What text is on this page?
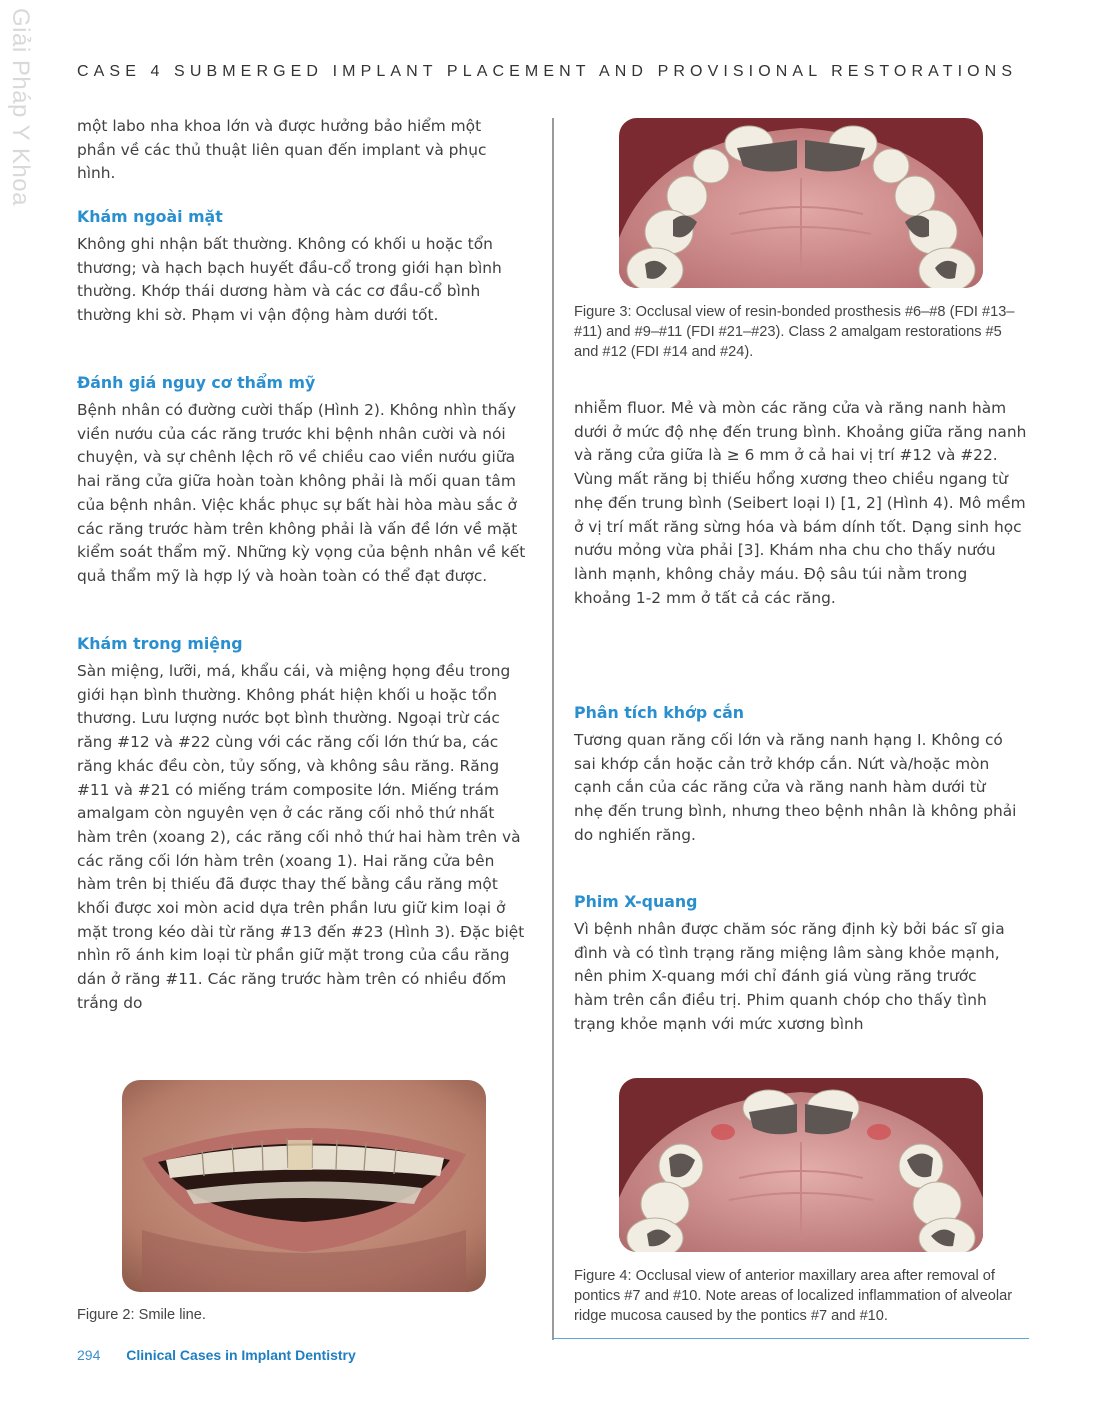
Giải Pháp Y Khoa	CASE 4 SUBMERGED IMPLANT PLACEMENT AND PROVISIONAL RESTORATIONS

một labo nha khoa lớn và được hưởng bảo hiểm một phần về các thủ thuật liên quan đến implant và phục hình.

Khám ngoài mặt

Không ghi nhận bất thường. Không có khối u hoặc tổn thương; và hạch bạch huyết đầu-cổ trong giới hạn bình thường. Khớp thái dương hàm và các cơ đầu-cổ bình thường khi sờ. Phạm vi vận động hàm dưới tốt.

Đánh giá nguy cơ thẩm mỹ

Bệnh nhân có đường cười thấp (Hình 2). Không nhìn thấy viền nướu của các răng trước khi bệnh nhân cười và nói chuyện, và sự chênh lệch rõ về chiều cao viền nướu giữa hai răng cửa giữa hoàn toàn không phải là mối quan tâm của bệnh nhân. Việc khắc phục sự bất hài hòa màu sắc ở các răng trước hàm trên không phải là vấn đề lớn về mặt kiểm soát thẩm mỹ. Những kỳ vọng của bệnh nhân về kết quả thẩm mỹ là hợp lý và hoàn toàn có thể đạt được.

Khám trong miệng

Sàn miệng, lưỡi, má, khẩu cái, và miệng họng đều trong giới hạn bình thường. Không phát hiện khối u hoặc tổn thương. Lưu lượng nước bọt bình thường. Ngoại trừ các răng #12 và #22 cùng với các răng cối lớn thứ ba, các răng khác đều còn, tủy sống, và không sâu răng. Răng #11 và #21 có miếng trám composite lớn. Miếng trám amalgam còn nguyên vẹn ở các răng cối nhỏ thứ nhất hàm trên (xoang 2), các răng cối nhỏ thứ hai hàm trên và các răng cối lớn hàm trên (xoang 1). Hai răng cửa bên hàm trên bị thiếu đã được thay thế bằng cầu răng một khối được xoi mòn acid dựa trên phần lưu giữ kim loại ở mặt trong kéo dài từ răng #13 đến #23 (Hình 3). Đặc biệt nhìn rõ ánh kim loại từ phần giữ mặt trong của cầu răng dán ở răng #11. Các răng trước hàm trên có nhiều đốm trắng do

Figure 2: Smile line.

Figure 3: Occlusal view of resin-bonded prosthesis #6–#8 (FDI #13–#11) and #9–#11 (FDI #21–#23). Class 2 amalgam restorations #5 and #12 (FDI #14 and #24).

nhiễm fluor. Mẻ và mòn các răng cửa và răng nanh hàm dưới ở mức độ nhẹ đến trung bình. Khoảng giữa răng nanh và răng cửa giữa là ≥ 6 mm ở cả hai vị trí #12 và #22. Vùng mất răng bị thiếu hổng xương theo chiều ngang từ nhẹ đến trung bình (Seibert loại I) [1, 2] (Hình 4). Mô mềm ở vị trí mất răng sừng hóa và bám dính tốt. Dạng sinh học nướu mỏng vừa phải [3]. Khám nha chu cho thấy nướu lành mạnh, không chảy máu. Độ sâu túi nằm trong khoảng 1-2 mm ở tất cả các răng.

Phân tích khớp cắn

Tương quan răng cối lớn và răng nanh hạng I. Không có sai khớp cắn hoặc cản trở khớp cắn. Nứt và/hoặc mòn cạnh cắn của các răng cửa và răng nanh hàm dưới từ nhẹ đến trung bình, nhưng theo bệnh nhân là không phải do nghiến răng.

Phim X-quang

Vì bệnh nhân được chăm sóc răng định kỳ bởi bác sĩ gia đình và có tình trạng răng miệng lâm sàng khỏe mạnh, nên phim X-quang mới chỉ đánh giá vùng răng trước hàm trên cần điều trị. Phim quanh chóp cho thấy tình trạng khỏe mạnh với mức xương bình

Figure 4: Occlusal view of anterior maxillary area after removal of pontics #7 and #10. Note areas of localized inflammation of alveolar ridge mucosa caused by the pontics #7 and #10.

294 Clinical Cases in Implant Dentistry
